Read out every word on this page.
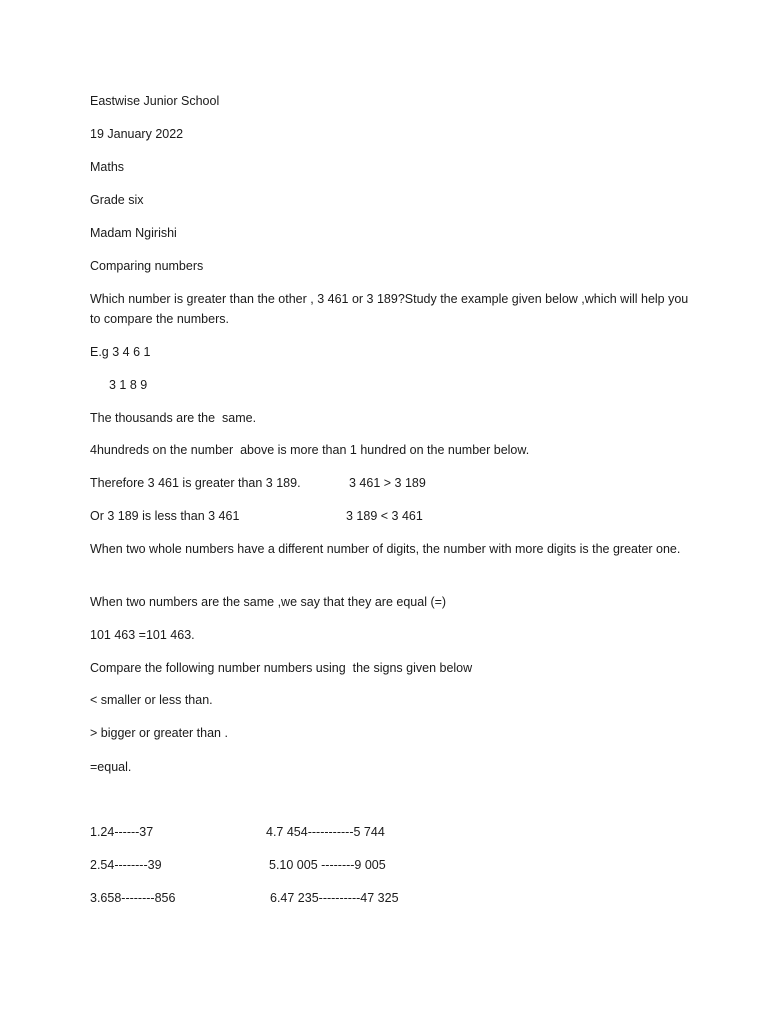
Eastwise Junior School
19 January 2022
Maths
Grade six
Madam Ngirishi
Comparing numbers
Which number is greater than the other , 3 461 or 3 189?Study the example given below ,which will help you to compare the numbers.
E.g 3 4 6 1
3 1 8 9
The thousands are the  same.
4hundreds on the number  above is more than 1 hundred on the number below.
Therefore 3 461 is greater than 3 189.	3 461 > 3 189
Or 3 189 is less than 3 461	3 189 < 3 461
When two whole numbers have a different number of digits, the number with more digits is the greater one.
When two numbers are the same ,we say that they are equal (=)
101 463 =101 463.
Compare the following number numbers using  the signs given below
< smaller or less than.
> bigger or greater than .
=equal.
1.24------37	4.7 454-----------5 744
2.54--------39	5.10 005 --------9 005
3.658--------856	6.47 235----------47 325
